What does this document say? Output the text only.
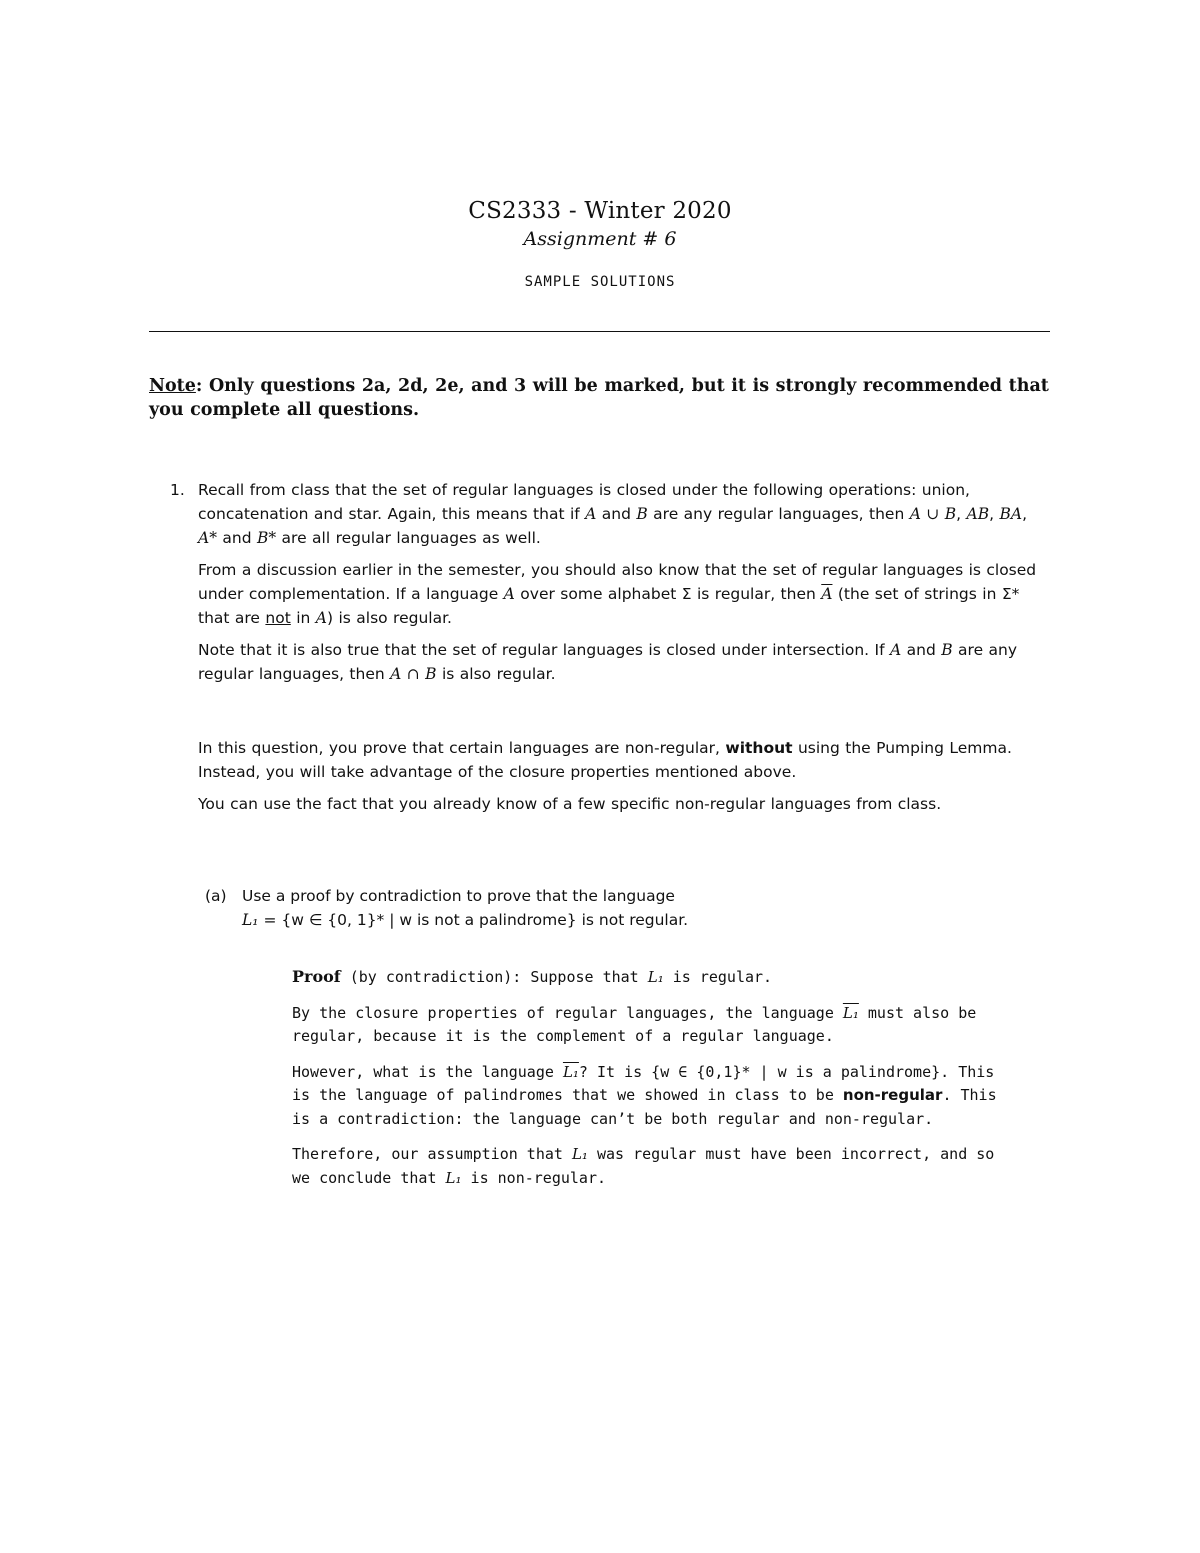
CS2333 - Winter 2020
Assignment # 6
SAMPLE SOLUTIONS
Note: Only questions 2a, 2d, 2e, and 3 will be marked, but it is strongly recommended that you complete all questions.
1. Recall from class that the set of regular languages is closed under the following operations: union, concatenation and star. Again, this means that if A and B are any regular languages, then A ∪ B, AB, BA, A* and B* are all regular languages as well.

From a discussion earlier in the semester, you should also know that the set of regular languages is closed under complementation. If a language A over some alphabet Σ is regular, then $\overline{A}$ (the set of strings in Σ* that are not in A) is also regular.

Note that it is also true that the set of regular languages is closed under intersection. If A and B are any regular languages, then A ∩ B is also regular.

In this question, you prove that certain languages are non-regular, without using the Pumping Lemma. Instead, you will take advantage of the closure properties mentioned above.

You can use the fact that you already know of a few specific non-regular languages from class.

(a) Use a proof by contradiction to prove that the language
L₁ = {w ∈ {0, 1}* | w is not a palindrome} is not regular.

Proof (by contradiction): Suppose that L₁ is regular.

By the closure properties of regular languages, the language L₁ must also be regular, because it is the complement of a regular language.

However, what is the language L₁? It is {w ∈ {0,1}* | w is a palindrome}. This is the language of palindromes that we showed in class to be non-regular. This is a contradiction: the language can’t be both regular and non-regular.

Therefore, our assumption that L₁ was regular must have been incorrect, and so we conclude that L₁ is non-regular.
